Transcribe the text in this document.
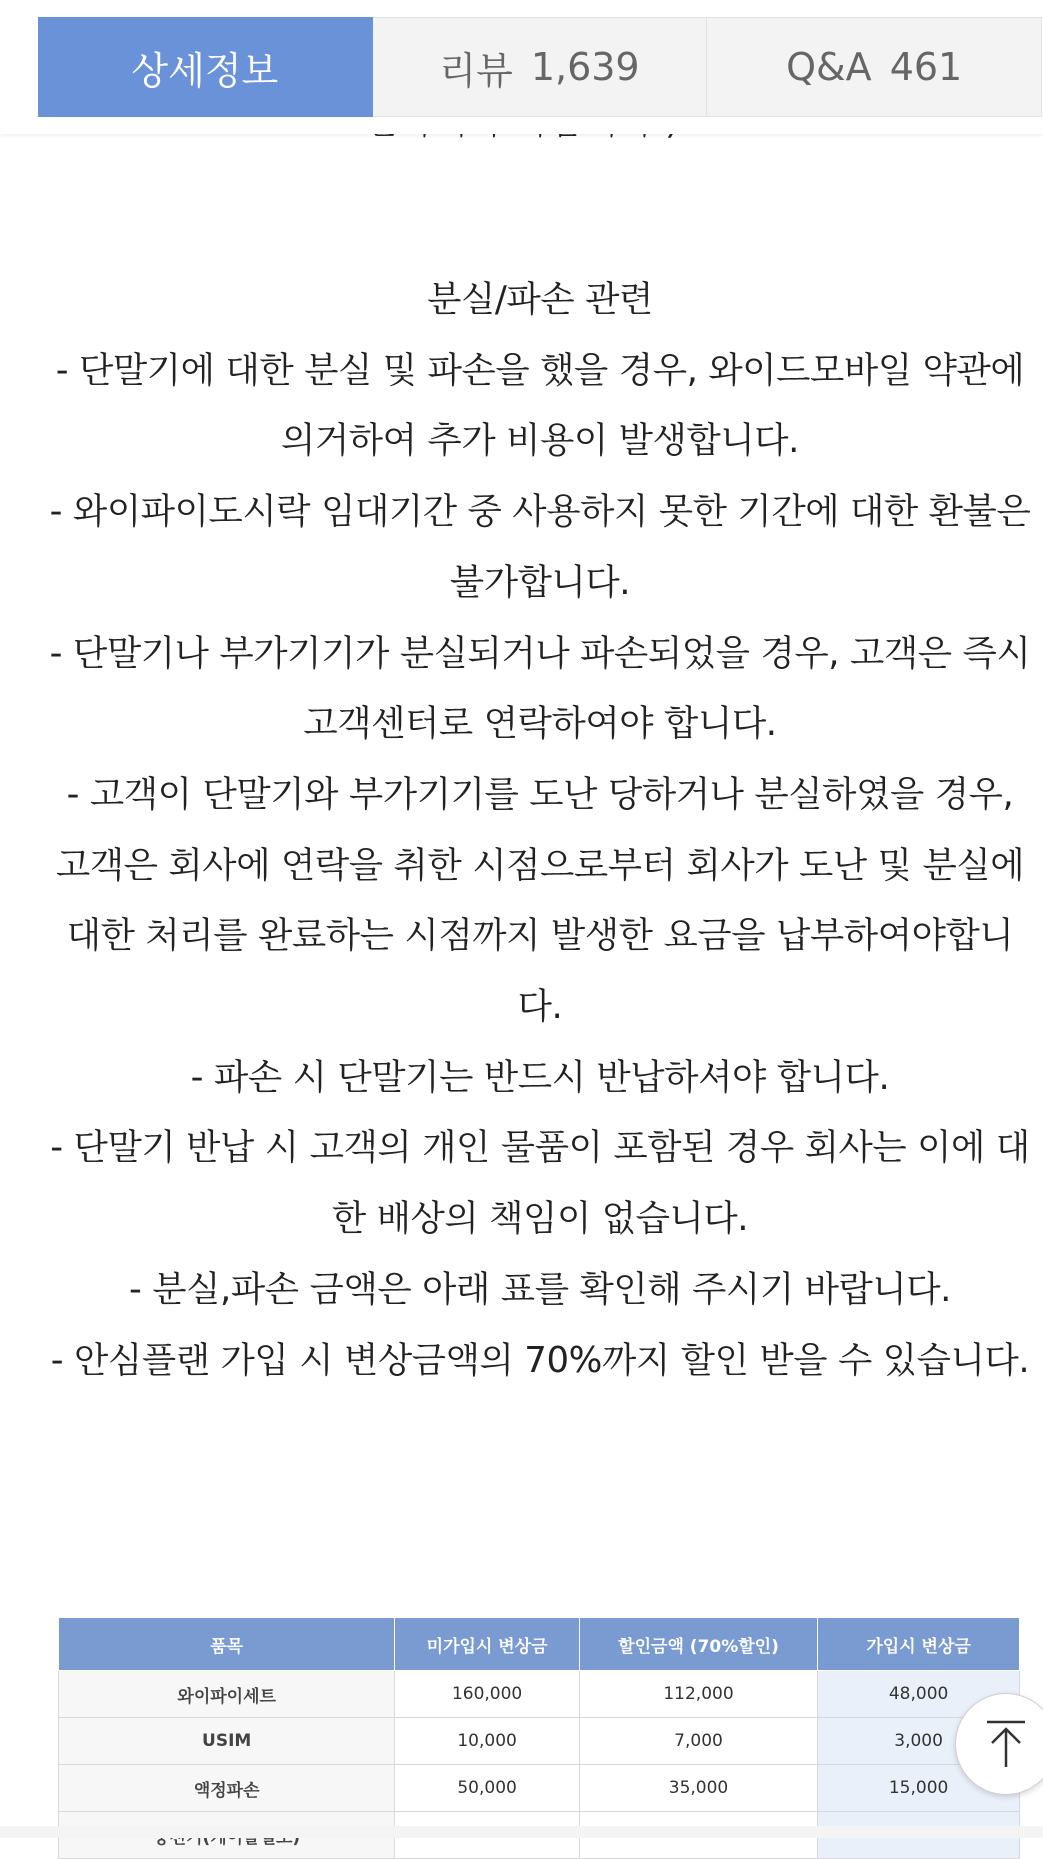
상세정보	리뷰 1,639	Q&A 461

분실/파손 관련

- 단말기에 대한 분실 및 파손을 했을 경우, 와이드모바일 약관에 의거하여 추가 비용이 발생합니다.

- 와이파이도시락 임대기간 중 사용하지 못한 기간에 대한 환불은 불가합니다.

- 단말기나 부가기기가 분실되거나 파손되었을 경우, 고객은 즉시 고객센터로 연락하여야 합니다.

- 고객이 단말기와 부가기기를 도난 당하거나 분실하였을 경우, 고객은 회사에 연락을 취한 시점으로부터 회사가 도난 및 분실에 대한 처리를 완료하는 시점까지 발생한 요금을 납부하여야합니다.

- 파손 시 단말기는 반드시 반납하셔야 합니다.

- 단말기 반납 시 고객의 개인 물품이 포함된 경우 회사는 이에 대한 배상의 책임이 없습니다.

- 분실,파손 금액은 아래 표를 확인해 주시기 바랍니다.

- 안심플랜 가입 시 변상금액의 70%까지 할인 받을 수 있습니다.

품목	미가입시 변상금	할인금액 (70%할인)	가입시 변상금
와이파이세트	160,000	112,000	48,000
USIM	10,000	7,000	3,000
액정파손	50,000	35,000	15,000
